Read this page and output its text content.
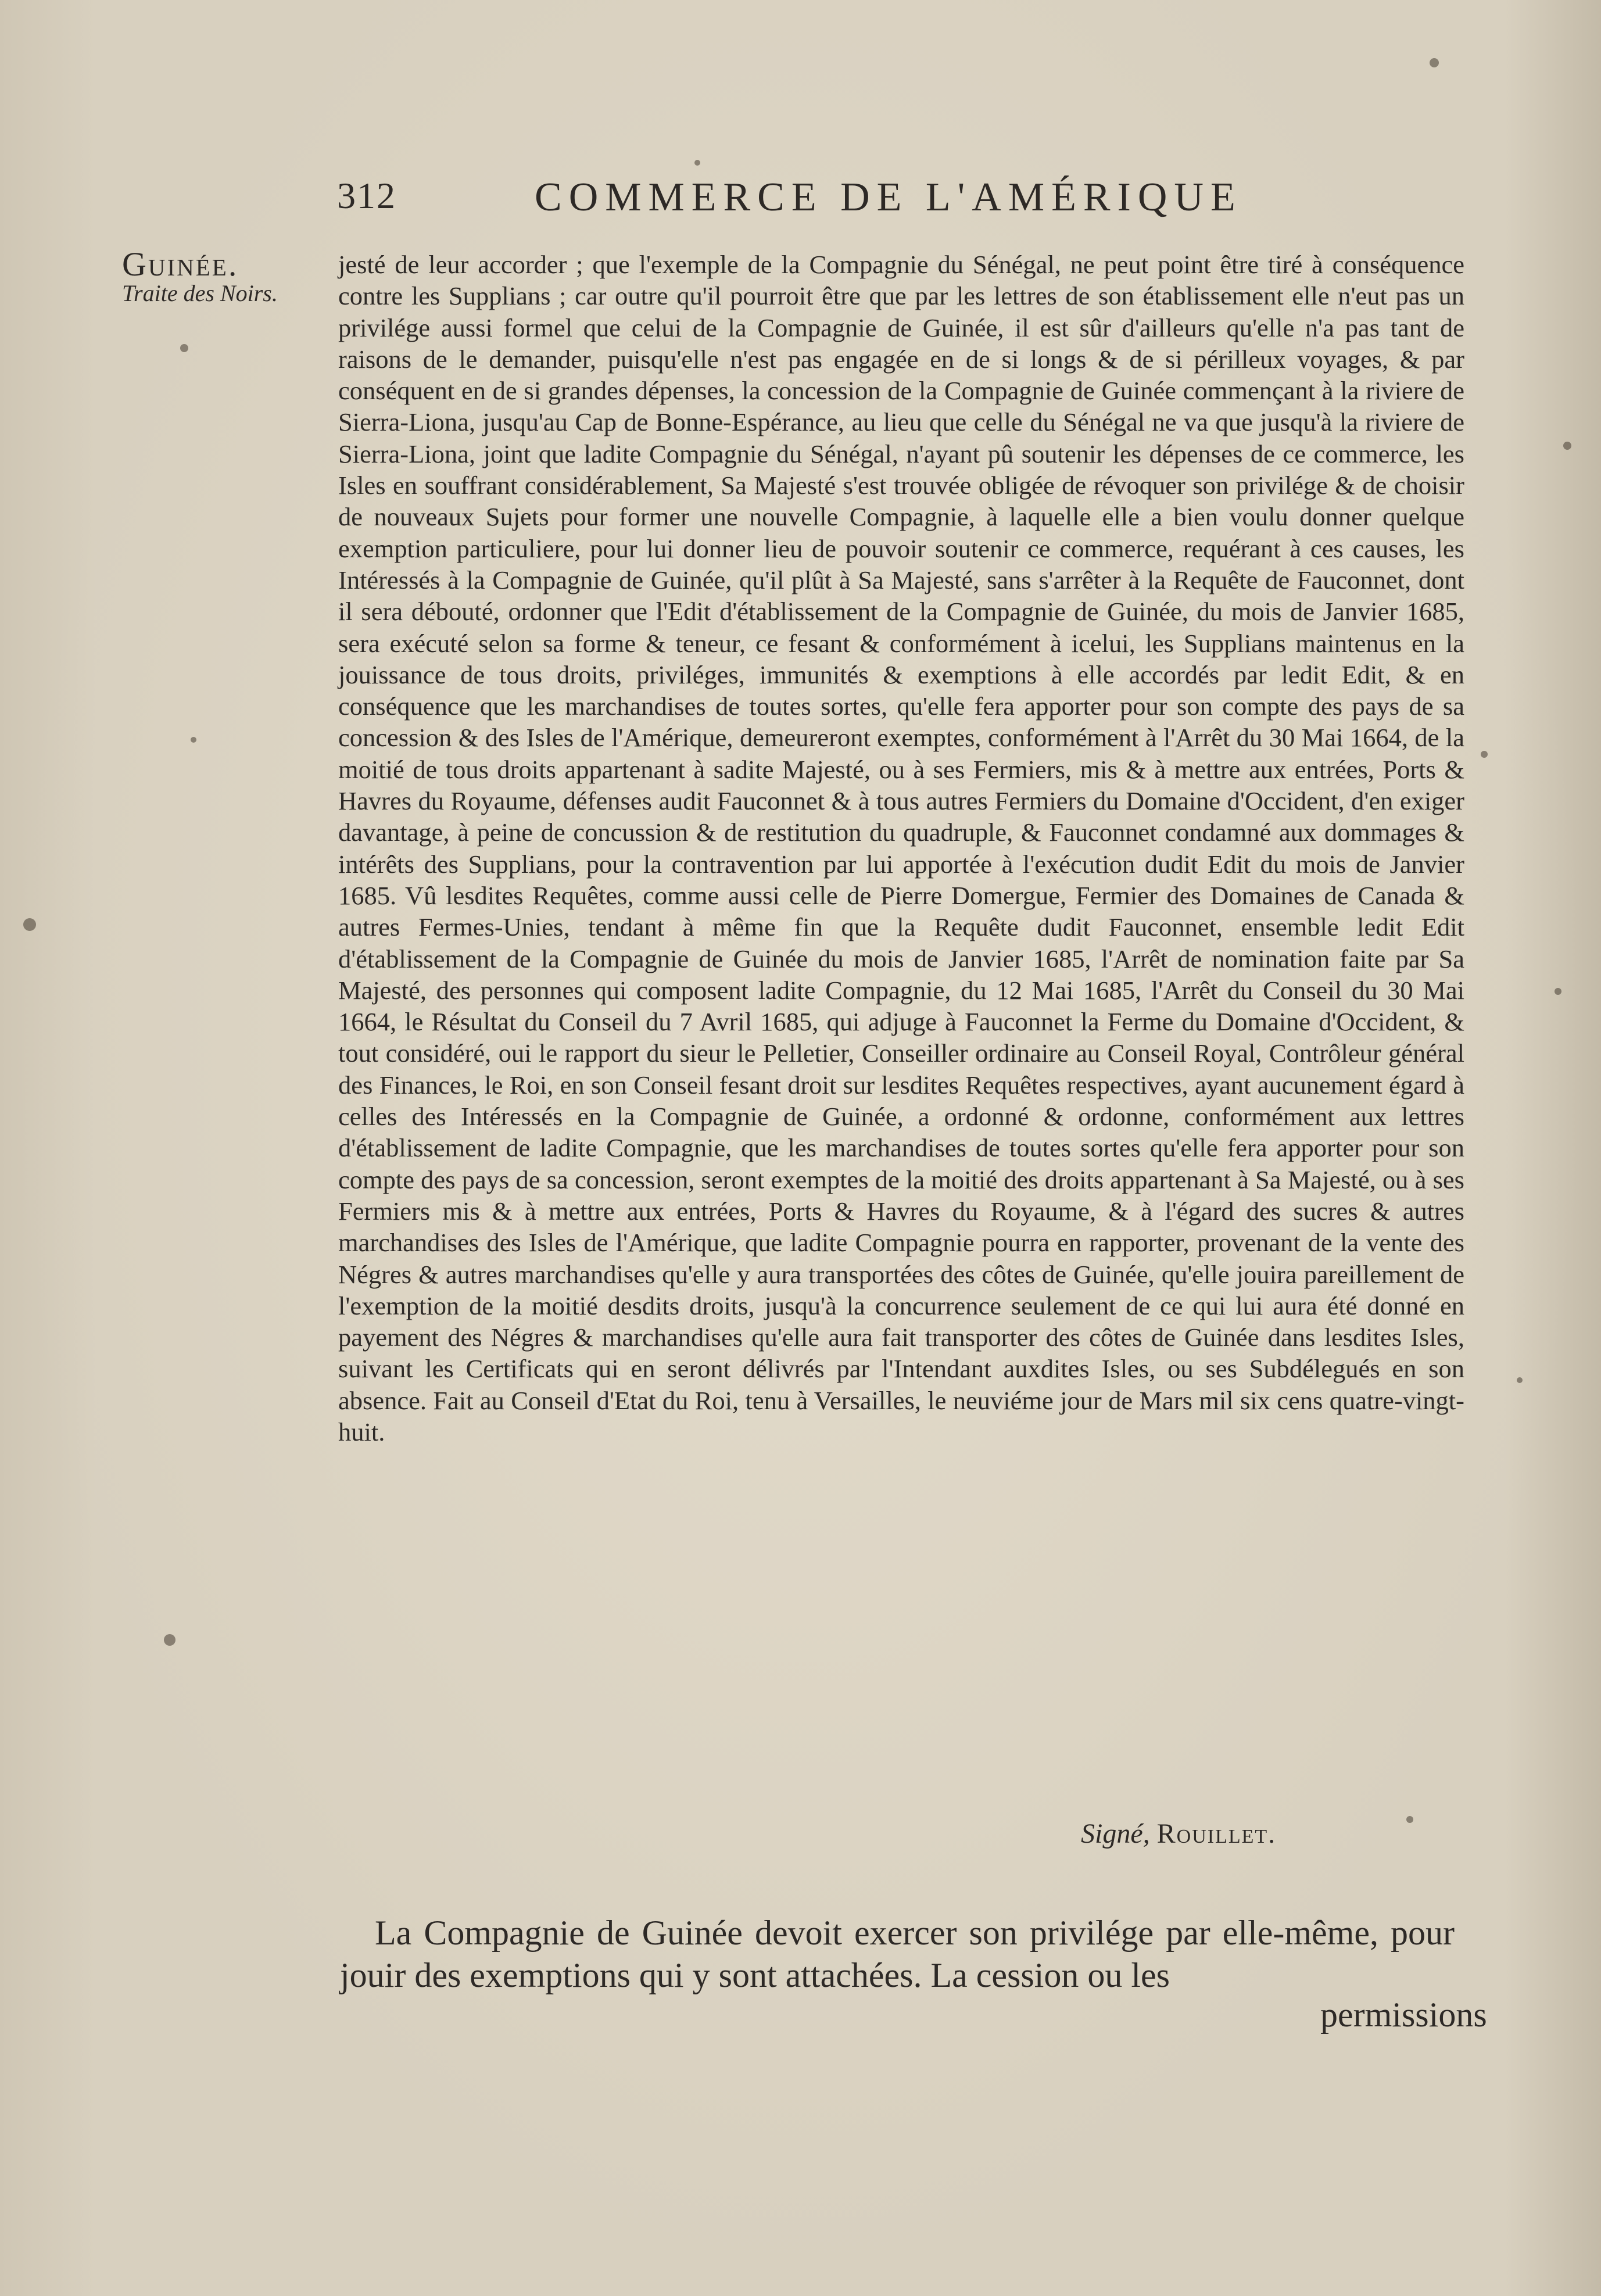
312	COMMERCE DE L'AMÉRIQUE
Guinée.
Traite des Noirs.

jesté de leur accorder ; que l'exemple de la Compagnie du Sénégal, ne peut point être tiré à conséquence contre les Supplians ; car outre qu'il pourroit être que par les lettres de son établissement elle n'eut pas un privilége aussi formel que celui de la Compagnie de Guinée, il est sûr d'ailleurs qu'elle n'a pas tant de raisons de le demander, puisqu'elle n'est pas engagée en de si longs & de si périlleux voyages, & par conséquent en de si grandes dépenses, la concession de la Compagnie de Guinée commençant à la riviere de Sierra-Liona, jusqu'au Cap de Bonne-Espérance, au lieu que celle du Sénégal ne va que jusqu'à la riviere de Sierra-Liona, joint que ladite Compagnie du Sénégal, n'ayant pû soutenir les dépenses de ce commerce, les Isles en souffrant considérablement, Sa Majesté s'est trouvée obligée de révoquer son privilége & de choisir de nouveaux Sujets pour former une nouvelle Compagnie, à laquelle elle a bien voulu donner quelque exemption particuliere, pour lui donner lieu de pouvoir soutenir ce commerce, requérant à ces causes, les Intéressés à la Compagnie de Guinée, qu'il plût à Sa Majesté, sans s'arrêter à la Requête de Fauconnet, dont il sera débouté, ordonner que l'Edit d'établissement de la Compagnie de Guinée, du mois de Janvier 1685, sera exécuté selon sa forme & teneur, ce fesant & conformément à icelui, les Supplians maintenus en la jouissance de tous droits, priviléges, immunités & exemptions à elle accordés par ledit Edit, & en conséquence que les marchandises de toutes sortes, qu'elle fera apporter pour son compte des pays de sa concession & des Isles de l'Amérique, demeureront exemptes, conformément à l'Arrêt du 30 Mai 1664, de la moitié de tous droits appartenant à sadite Majesté, ou à ses Fermiers, mis & à mettre aux entrées, Ports & Havres du Royaume, défenses audit Fauconnet & à tous autres Fermiers du Domaine d'Occident, d'en exiger davantage, à peine de concussion & de restitution du quadruple, & Fauconnet condamné aux dommages & intérêts des Supplians, pour la contravention par lui apportée à l'exécution dudit Edit du mois de Janvier 1685. Vû lesdites Requêtes, comme aussi celle de Pierre Domergue, Fermier des Domaines de Canada & autres Fermes-Unies, tendant à même fin que la Requête dudit Fauconnet, ensemble ledit Edit d'établissement de la Compagnie de Guinée du mois de Janvier 1685, l'Arrêt de nomination faite par Sa Majesté, des personnes qui composent ladite Compagnie, du 12 Mai 1685, l'Arrêt du Conseil du 30 Mai 1664, le Résultat du Conseil du 7 Avril 1685, qui adjuge à Fauconnet la Ferme du Domaine d'Occident, & tout considéré, oui le rapport du sieur le Pelletier, Conseiller ordinaire au Conseil Royal, Contrôleur général des Finances, le Roi, en son Conseil fesant droit sur lesdites Requêtes respectives, ayant aucunement égard à celles des Intéressés en la Compagnie de Guinée, a ordonné & ordonne, conformément aux lettres d'établissement de ladite Compagnie, que les marchandises de toutes sortes qu'elle fera apporter pour son compte des pays de sa concession, seront exemptes de la moitié des droits appartenant à Sa Majesté, ou à ses Fermiers mis & à mettre aux entrées, Ports & Havres du Royaume, & à l'égard des sucres & autres marchandises des Isles de l'Amérique, que ladite Compagnie pourra en rapporter, provenant de la vente des Négres & autres marchandises qu'elle y aura transportées des côtes de Guinée, qu'elle jouira pareillement de l'exemption de la moitié desdits droits, jusqu'à la concurrence seulement de ce qui lui aura été donné en payement des Négres & marchandises qu'elle aura fait transporter des côtes de Guinée dans lesdites Isles, suivant les Certificats qui en seront délivrés par l'Intendant auxdites Isles, ou ses Subdélegués en son absence. Fait au Conseil d'Etat du Roi, tenu à Versailles, le neuviéme jour de Mars mil six cens quatre-vingt-huit.

Signé, Rouillet.

La Compagnie de Guinée devoit exercer son privilége par elle-même, pour jouir des exemptions qui y sont attachées. La cession ou les

permissions
